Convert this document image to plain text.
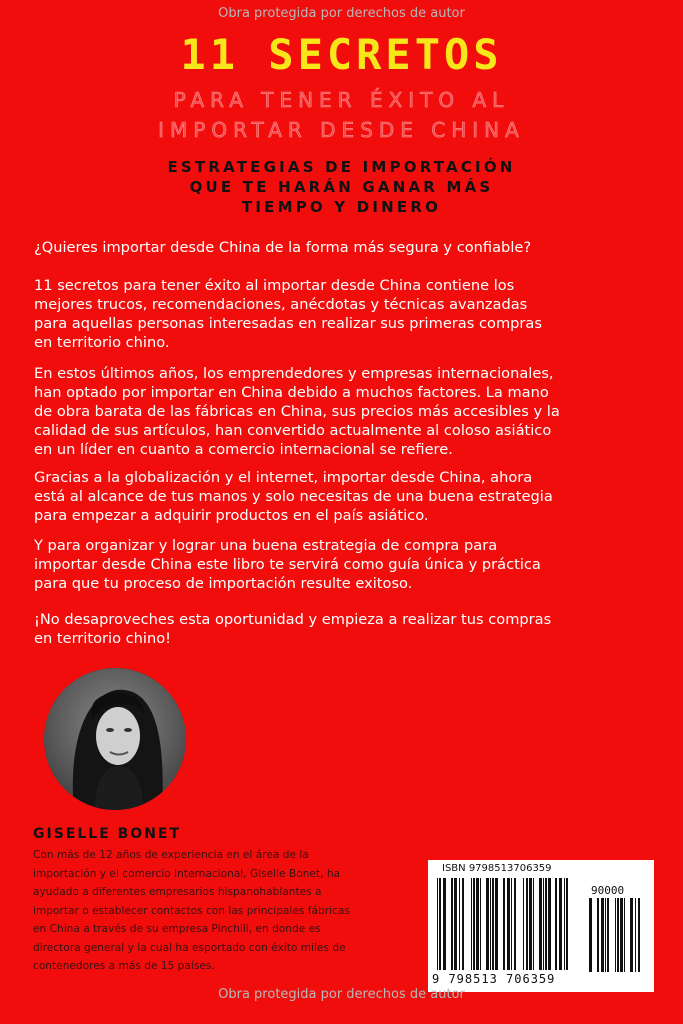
Obra protegida por derechos de autor
11 SECRETOS
PARA TENER ÉXITO AL
IMPORTAR DESDE CHINA
ESTRATEGIAS DE IMPORTACIÓN
QUE TE HARÁN GANAR MÁS
TIEMPO Y DINERO
¿Quieres importar desde China de la forma más segura y confiable?
11 secretos para tener éxito al importar desde China contiene los
mejores trucos, recomendaciones, anécdotas y técnicas avanzadas
para aquellas personas interesadas en realizar sus primeras compras
en territorio chino.
En estos últimos años, los emprendedores y empresas internacionales,
han optado por importar en China debido a muchos factores. La mano
de obra barata de las fábricas en China, sus precios más accesibles y la
calidad de sus artículos, han convertido actualmente al coloso asiático
en un líder en cuanto a comercio internacional se refiere.
Gracias a la globalización y el internet, importar desde China, ahora
está al alcance de tus manos y solo necesitas de una buena estrategia
para empezar a adquirir productos en el país asiático.
Y para organizar y lograr una buena estrategia de compra para
importar desde China este libro te servirá como guía única y práctica
para que tu proceso de importación resulte exitoso.
¡No desaproveches esta oportunidad y empieza a realizar tus compras
en territorio chino!
GISELLE BONET
Con más de 12 años de experiencia en el área de la
importación y el comercio internacional, Giselle Bonet, ha
ayudado a diferentes empresarios hispanohablantes a
importar o establecer contactos con las principales fábricas
en China a través de su empresa Pinchili, en donde es
directora general y la cual ha esportado con éxito miles de
contenedores a más de 15 países.
ISBN 9798513706359
90000
9 798513 706359
Obra protegida por derechos de autor
